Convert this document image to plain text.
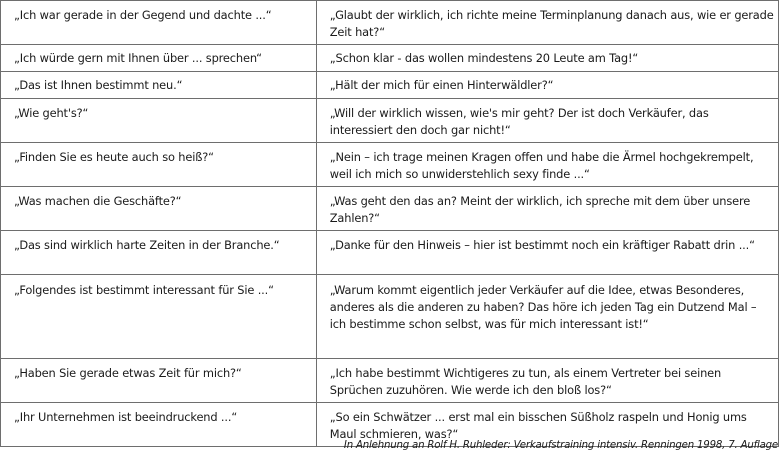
„Ich war gerade in der Gegend und dachte ...“	„Glaubt der wirklich, ich richte meine Terminplanung danach aus, wie er gerade Zeit hat?“
„Ich würde gern mit Ihnen über ... sprechen“	„Schon klar - das wollen mindestens 20 Leute am Tag!“
„Das ist Ihnen bestimmt neu.“	„Hält der mich für einen Hinterwäldler?“
„Wie geht's?“	„Will der wirklich wissen, wie's mir geht? Der ist doch Verkäufer, das interessiert den doch gar nicht!“
„Finden Sie es heute auch so heiß?“	„Nein – ich trage meinen Kragen offen und habe die Ärmel hochgekrempelt, weil ich mich so unwiderstehlich sexy finde ...“
„Was machen die Geschäfte?“	„Was geht den das an? Meint der wirklich, ich spreche mit dem über unsere Zahlen?“
„Das sind wirklich harte Zeiten in der Branche.“	„Danke für den Hinweis – hier ist bestimmt noch ein kräftiger Rabatt drin ...“
„Folgendes ist bestimmt interessant für Sie ...“	„Warum kommt eigentlich jeder Verkäufer auf die Idee, etwas Besonderes, anderes als die anderen zu haben? Das höre ich jeden Tag ein Dutzend Mal – ich bestimme schon selbst, was für mich interessant ist!“
„Haben Sie gerade etwas Zeit für mich?“	„Ich habe bestimmt Wichtigeres zu tun, als einem Vertreter bei seinen Sprüchen zuzuhören. Wie werde ich den bloß los?“
„Ihr Unternehmen ist beeindruckend ...“	„So ein Schwätzer ... erst mal ein bisschen Süßholz raspeln und Honig ums Maul schmieren, was?“
In Anlehnung an Rolf H. Ruhleder: Verkaufstraining intensiv. Renningen 1998, 7. Auflage
